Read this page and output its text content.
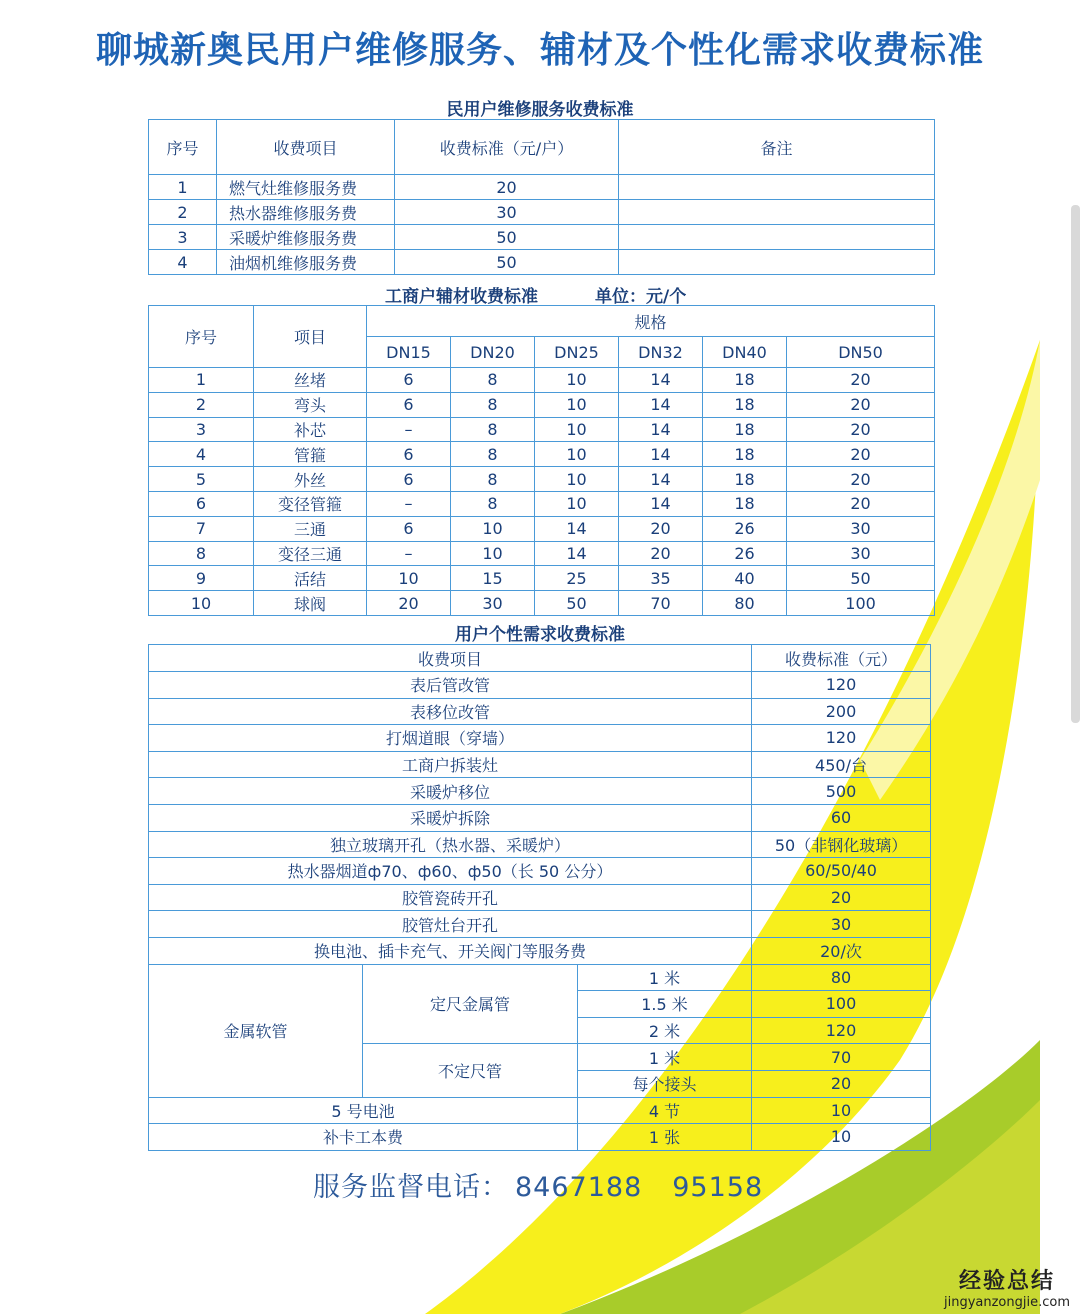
聊城新奥民用户维修服务、辅材及个性化需求收费标准
民用户维修服务收费标准
序号	收费项目	收费标准（元/户）	备注
1	燃气灶维修服务费	20	
2	热水器维修服务费	30	
3	采暖炉维修服务费	50	
4	油烟机维修服务费	50	
工商户辅材收费标准	单位：元/个
序号	项目	规格					
		DN15	DN20	DN25	DN32	DN40	DN50
1	丝堵	6	8	10	14	18	20
2	弯头	6	8	10	14	18	20
3	补芯	–	8	10	14	18	20
4	管箍	6	8	10	14	18	20
5	外丝	6	8	10	14	18	20
6	变径管箍	–	8	10	14	18	20
7	三通	6	10	14	20	26	30
8	变径三通	–	10	14	20	26	30
9	活结	10	15	25	35	40	50
10	球阀	20	30	50	70	80	100
用户个性需求收费标准
收费项目			收费标准（元）
表后管改管			120
表移位改管			200
打烟道眼（穿墙）			120
工商户拆装灶			450/台
采暖炉移位			500
采暖炉拆除			60
独立玻璃开孔（热水器、采暖炉）			50（非钢化玻璃）
热水器烟道ф70、ф60、ф50（长 50 公分）			60/50/40
胶管瓷砖开孔			20
胶管灶台开孔			30
换电池、插卡充气、开关阀门等服务费			20/次
金属软管	定尺金属管	1 米	80
		1.5 米	100
		2 米	120
	不定尺管	1 米	70
		每个接头	20
5 号电池		4 节	10
补卡工本费		1 张	10
服务监督电话： 8467188 95158
经验总结
jingyanzongjie.com
